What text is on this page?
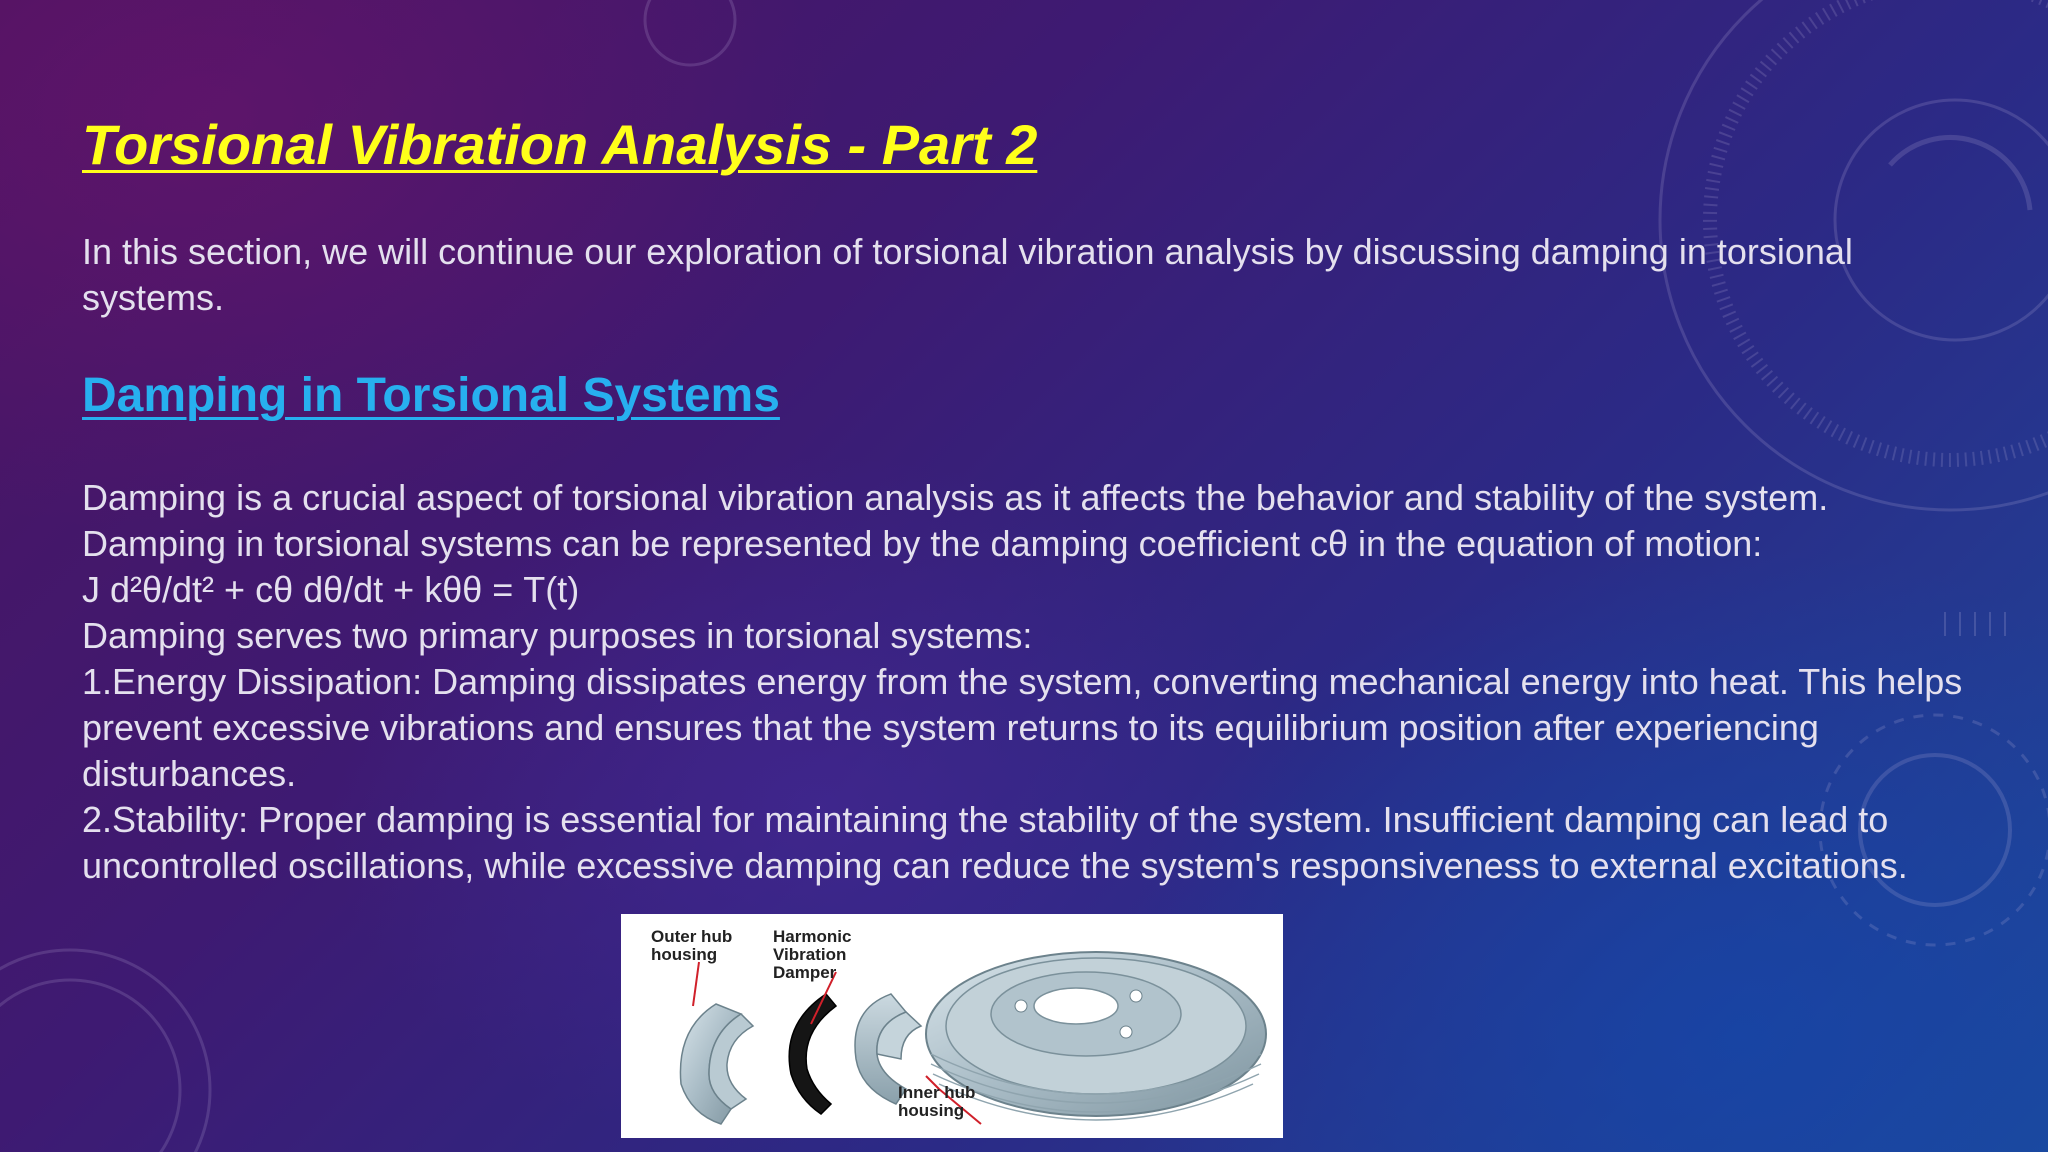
Torsional Vibration Analysis - Part 2

In this section, we will continue our exploration of torsional vibration analysis by discussing damping in torsional systems.

Damping in Torsional Systems

Damping is a crucial aspect of torsional vibration analysis as it affects the behavior and stability of the system.

Damping in torsional systems can be represented by the damping coefficient cθ in the equation of motion:

J d²θ/dt² + cθ dθ/dt + kθθ = T(t)

Damping serves two primary purposes in torsional systems:

1.Energy Dissipation: Damping dissipates energy from the system, converting mechanical energy into heat. This helps prevent excessive vibrations and ensures that the system returns to its equilibrium position after experiencing disturbances.

2.Stability: Proper damping is essential for maintaining the stability of the system. Insufficient damping can lead to uncontrolled oscillations, while excessive damping can reduce the system's responsiveness to external excitations.

Outer hub
housing
Harmonic
Vibration
Damper
Inner hub
housing
